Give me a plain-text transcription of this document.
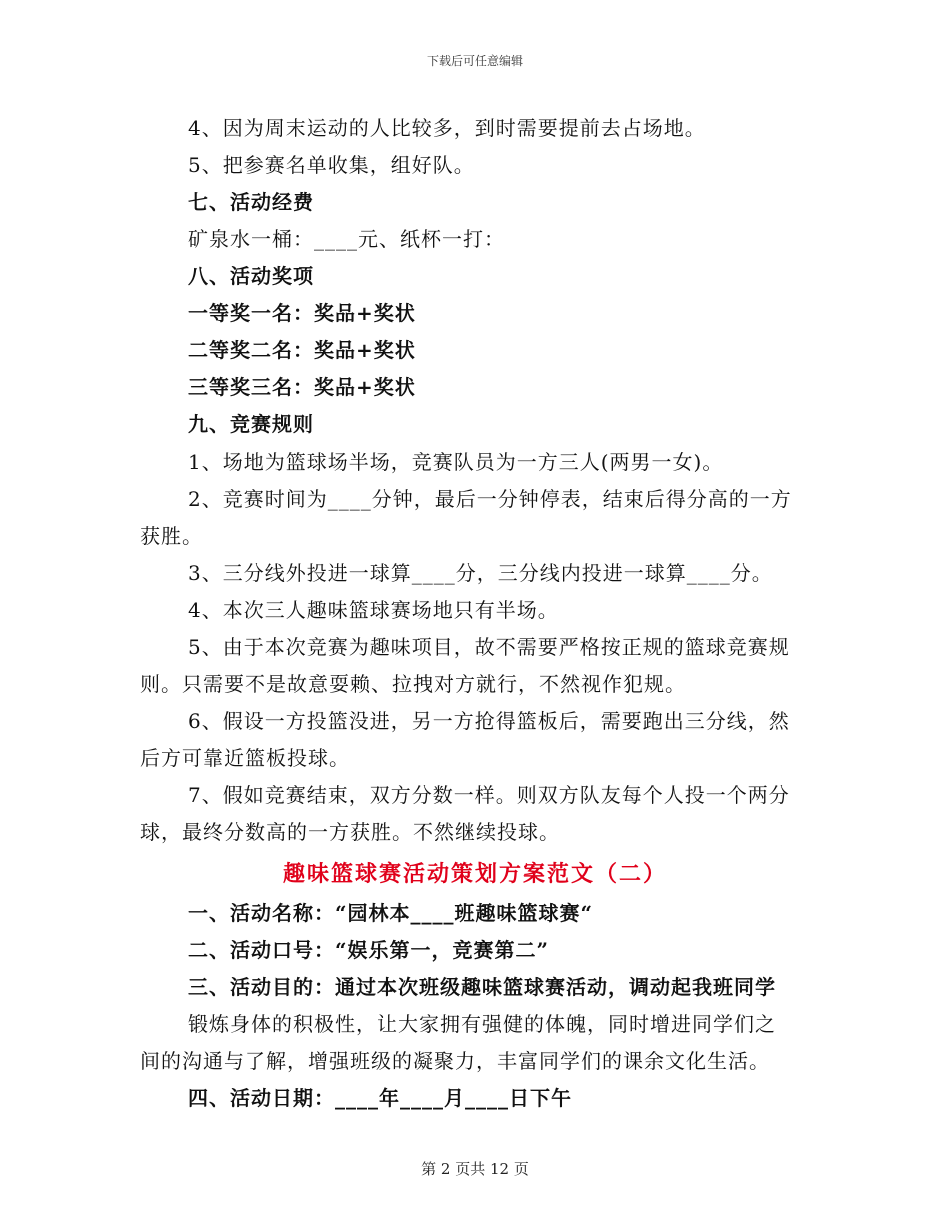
下载后可任意编辑
4、因为周末运动的人比较多，到时需要提前去占场地。
5、把参赛名单收集，组好队。
七、活动经费
矿泉水一桶：____元、纸杯一打：
八、活动奖项
一等奖一名：奖品+奖状
二等奖二名：奖品+奖状
三等奖三名：奖品+奖状
九、竞赛规则
1、场地为篮球场半场，竞赛队员为一方三人(两男一女)。
2、竞赛时间为____分钟，最后一分钟停表，结束后得分高的一方
获胜。
3、三分线外投进一球算____分，三分线内投进一球算____分。
4、本次三人趣味篮球赛场地只有半场。
5、由于本次竞赛为趣味项目，故不需要严格按正规的篮球竞赛规
则。只需要不是故意耍赖、拉拽对方就行，不然视作犯规。
6、假设一方投篮没进，另一方抢得篮板后，需要跑出三分线，然
后方可靠近篮板投球。
7、假如竞赛结束，双方分数一样。则双方队友每个人投一个两分
球，最终分数高的一方获胜。不然继续投球。
趣味篮球赛活动策划方案范文（二）
一、活动名称：“园林本____班趣味篮球赛“
二、活动口号：“娱乐第一，竞赛第二”
三、活动目的：通过本次班级趣味篮球赛活动，调动起我班同学
锻炼身体的积极性，让大家拥有强健的体魄，同时增进同学们之
间的沟通与了解，增强班级的凝聚力，丰富同学们的课余文化生活。
四、活动日期：____年____月____日下午
第 2 页共 12 页
